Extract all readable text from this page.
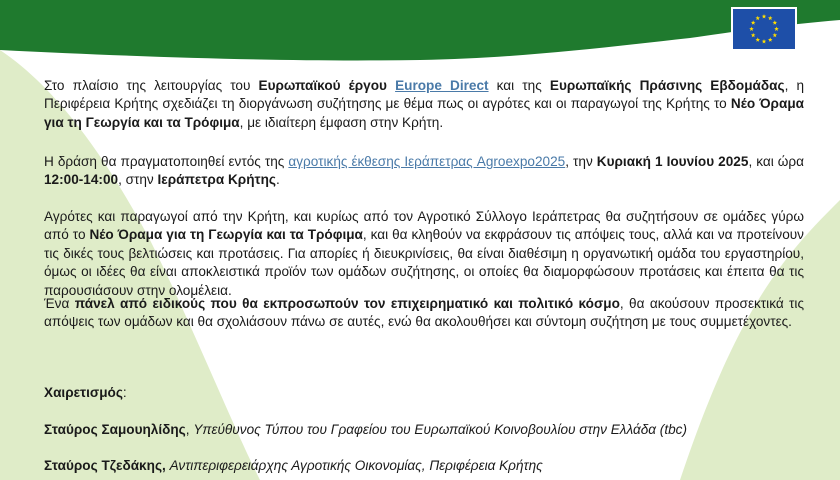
Στο πλαίσιο της λειτουργίας του Ευρωπαϊκού έργου Europe Direct και της Ευρωπαϊκής Πράσινης Εβδομάδας, η Περιφέρεια Κρήτης σχεδιάζει τη διοργάνωση συζήτησης με θέμα πως οι αγρότες και οι παραγωγοί της Κρήτης το Νέο Όραμα για τη Γεωργία και τα Τρόφιμα, με ιδιαίτερη έμφαση στην Κρήτη.

Η δράση θα πραγματοποιηθεί εντός της αγροτικής έκθεσης Ιεράπετρας Agroexpo2025, την Κυριακή 1 Ιουνίου 2025, και ώρα 12:00-14:00, στην Ιεράπετρα Κρήτης.

Αγρότες και παραγωγοί από την Κρήτη, και κυρίως από τον Αγροτικό Σύλλογο Ιεράπετρας θα συζητήσουν σε ομάδες γύρω από το Νέο Όραμα για τη Γεωργία και τα Τρόφιμα, και θα κληθούν να εκφράσουν τις απόψεις τους, αλλά και να προτείνουν τις δικές τους βελτιώσεις και προτάσεις. Για απορίες ή διευκρινίσεις, θα είναι διαθέσιμη η οργανωτική ομάδα του εργαστηρίου, όμως οι ιδέες θα είναι αποκλειστικά προϊόν των ομάδων συζήτησης, οι οποίες θα διαμορφώσουν προτάσεις και έπειτα θα τις παρουσιάσουν στην ολομέλεια.

Ένα πάνελ από ειδικούς που θα εκπροσωπούν τον επιχειρηματικό και πολιτικό κόσμο, θα ακούσουν προσεκτικά τις απόψεις των ομάδων και θα σχολιάσουν πάνω σε αυτές, ενώ θα ακολουθήσει και σύντομη συζήτηση με τους συμμετέχοντες.

Χαιρετισμός:

Σταύρος Σαμουηλίδης, Υπεύθυνος Τύπου του Γραφείου του Ευρωπαϊκού Κοινοβουλίου στην Ελλάδα (tbc)

Σταύρος Τζεδάκης, Αντιπεριφερειάρχης Αγροτικής Οικονομίας, Περιφέρεια Κρήτης
